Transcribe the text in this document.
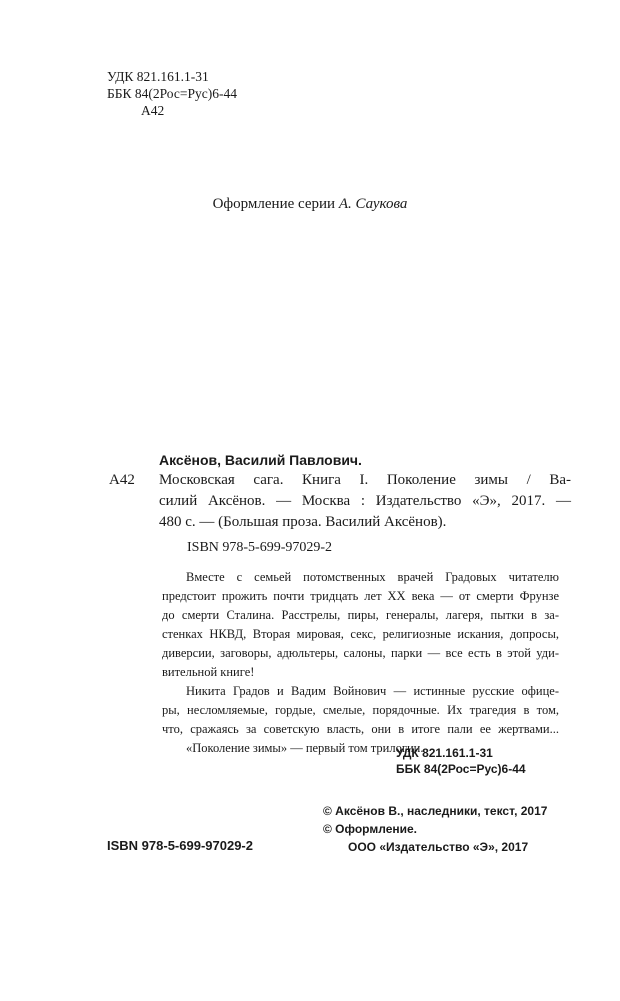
УДК 821.161.1-31
ББК 84(2Рос=Рус)6-44
А42
Оформление серии А. Саукова
Аксёнов, Василий Павлович.
А42 Московская сага. Книга I. Поколение зимы / Ва-
силий Аксёнов. — Москва : Издательство «Э», 2017. —
480 с. — (Большая проза. Василий Аксёнов).
ISBN 978-5-699-97029-2
Вместе с семьей потомственных врачей Градовых читателю
предстоит прожить почти тридцать лет XX века — от смерти Фрунзе
до смерти Сталина. Расстрелы, пиры, генералы, лагеря, пытки в за-
стенках НКВД, Вторая мировая, секс, религиозные искания, допросы,
диверсии, заговоры, адюльтеры, салоны, парки — все есть в этой уди-
вительной книге!
Никита Градов и Вадим Войнович — истинные русские офице-
ры, несломляемые, гордые, смелые, порядочные. Их трагедия в том,
что, сражаясь за советскую власть, они в итоге пали ее жертвами...
«Поколение зимы» — первый том трилогии.
УДК 821.161.1-31
ББК 84(2Рос=Рус)6-44
© Аксёнов В., наследники, текст, 2017
© Оформление.
ООО «Издательство «Э», 2017
ISBN 978-5-699-97029-2
